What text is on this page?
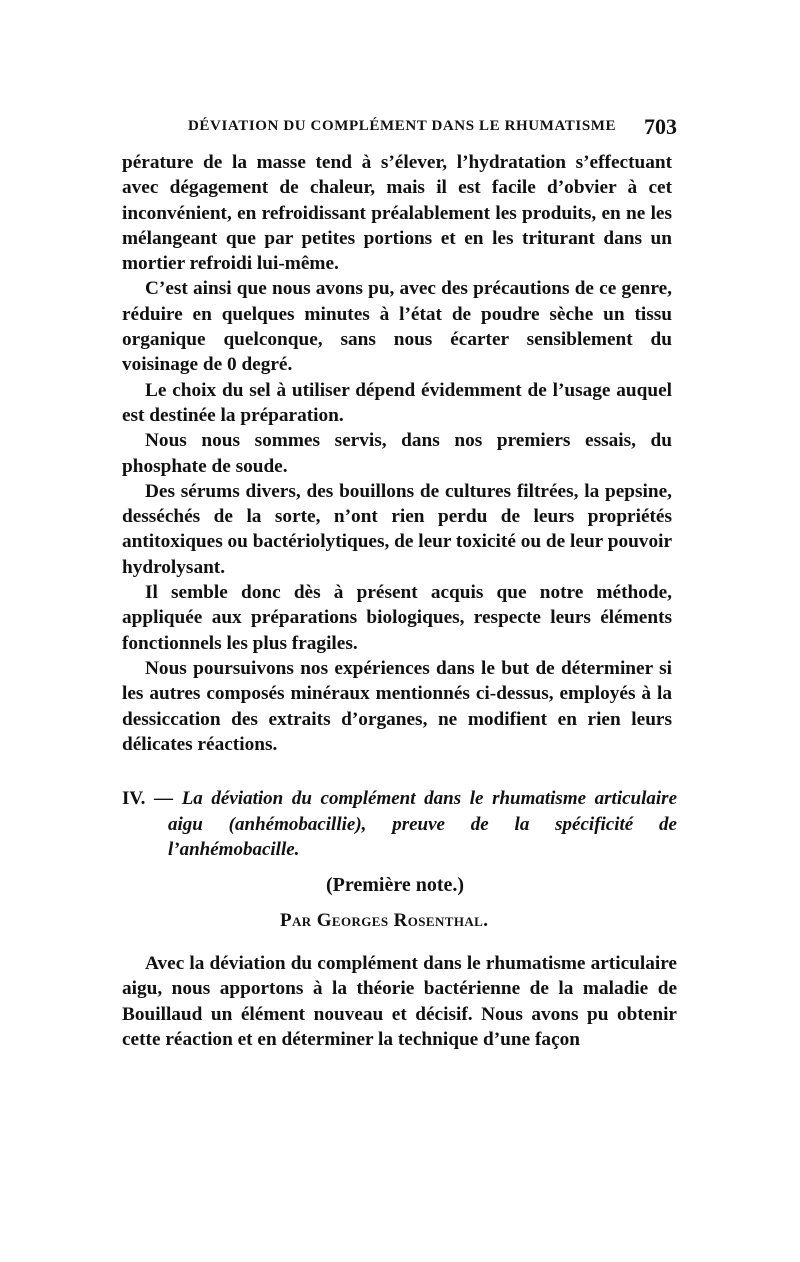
DÉVIATION DU COMPLÉMENT DANS LE RHUMATISME 703

pérature de la masse tend à s’élever, l’hydratation s’effectuant avec dégagement de chaleur, mais il est facile d’obvier à cet inconvénient, en refroidissant préalablement les produits, en ne les mélangeant que par petites portions et en les triturant dans un mortier refroidi lui-même.

C’est ainsi que nous avons pu, avec des précautions de ce genre, réduire en quelques minutes à l’état de poudre sèche un tissu organique quelconque, sans nous écarter sensiblement du voisinage de 0 degré.

Le choix du sel à utiliser dépend évidemment de l’usage auquel est destinée la préparation.

Nous nous sommes servis, dans nos premiers essais, du phosphate de soude.

Des sérums divers, des bouillons de cultures filtrées, la pepsine, desséchés de la sorte, n’ont rien perdu de leurs propriétés antitoxiques ou bactériolytiques, de leur toxicité ou de leur pouvoir hydrolysant.

Il semble donc dès à présent acquis que notre méthode, appliquée aux préparations biologiques, respecte leurs éléments fonctionnels les plus fragiles.

Nous poursuivons nos expériences dans le but de déterminer si les autres composés minéraux mentionnés ci-dessus, employés à la dessiccation des extraits d’organes, ne modifient en rien leurs délicates réactions.

IV. — La déviation du complément dans le rhumatisme articulaire aigu (anhémobacillie), preuve de la spécificité de l’anhémobacille.

(Première note.)
Par Georges Rosenthal.
Avec la déviation du complément dans le rhumatisme articulaire aigu, nous apportons à la théorie bactérienne de la maladie de Bouillaud un élément nouveau et décisif. Nous avons pu obtenir cette réaction et en déterminer la technique d’une façon
